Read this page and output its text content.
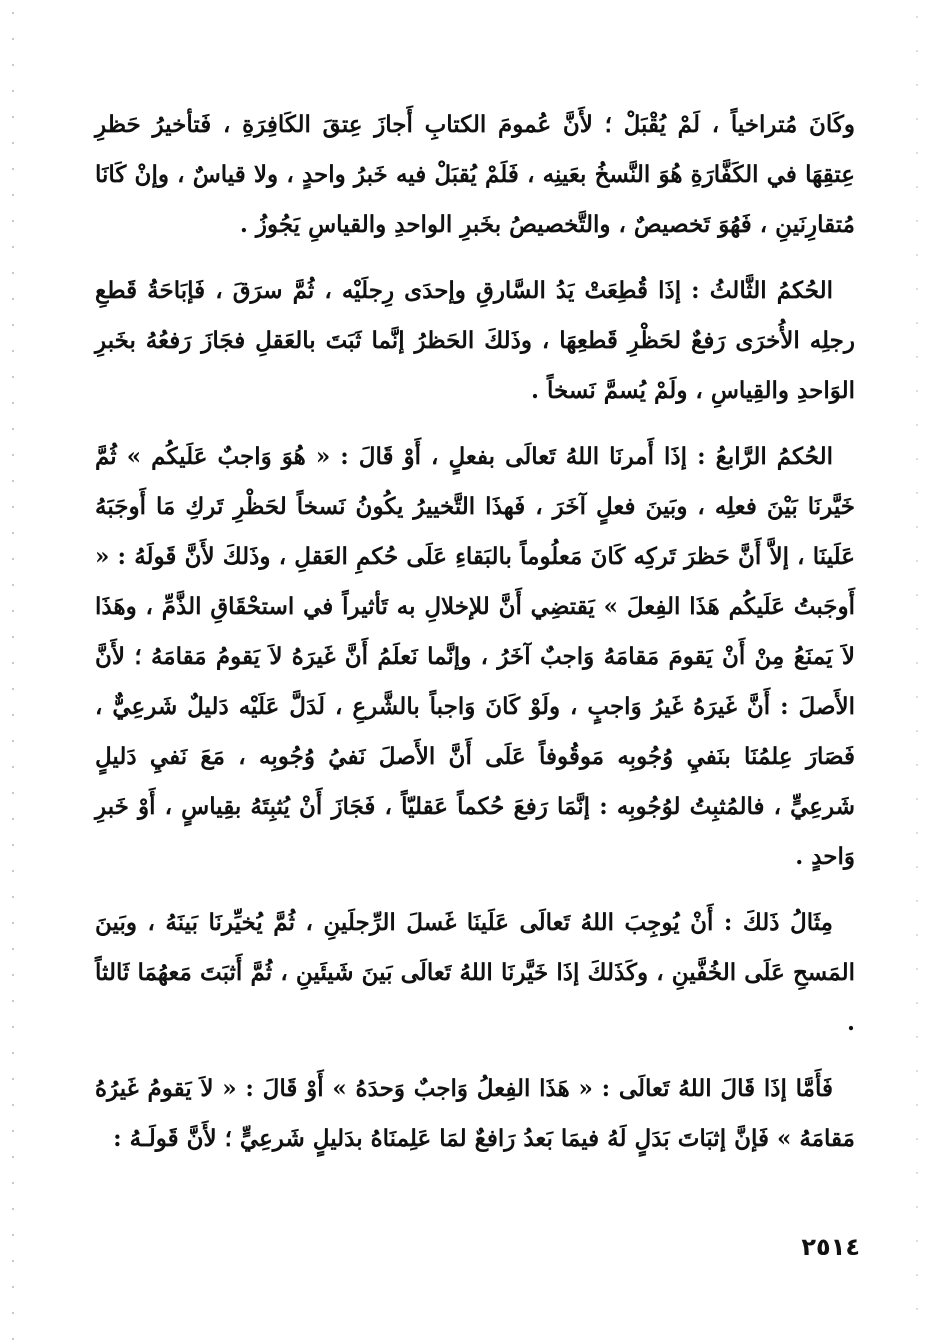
وكَانَ مُتراخياً ، لَمْ يُقْبَلْ ؛ لأَنَّ عُمومَ الكتابِ أَجازَ عِتقَ الكَافِرَةِ ، فَتأخيرُ حَظرِ عِتقِهَا في الكَفَّارَةِ هُوَ النَّسخُ بعَينِه ، فَلَمْ يُقبَلْ فيه خَبرُ واحدٍ ، ولا قياسٌ ، وإنْ كَانَا مُتقارِنَينِ ، فَهُوَ تَخصيصٌ ، والتَّخصيصُ بخَبرِ الواحدِ والقياسِ يَجُوزُ .

الحُكمُ الثَّالثُ : إذَا قُطِعَتْ يَدُ السَّارقِ وإحدَى رِجلَيْه ، ثُمَّ سرَقَ ، فَإبَاحَةُ قَطعِ رجلِه الأُخرَى رَفعٌ لحَظْرِ قَطعِهَا ، وذَلكَ الحَظرُ إنَّما ثَبَتَ بالعَقلِ فجَازَ رَفعُهُ بخَبرِ الوَاحدِ والقِياسِ ، ولَمْ يُسمَّ نَسخاً .

الحُكمُ الرَّابعُ : إذَا أَمرنَا اللهُ تَعالَى بفعلٍ ، أَوْ قَالَ : « هُوَ وَاجبٌ عَلَيكُم » ثُمَّ خَيَّرنَا بَيْنَ فعلِه ، وبَينَ فعلٍ آخَرَ ، فَهذَا التَّخييرُ يكُونُ نَسخاً لحَظْرِ تَركِ مَا أَوجَبَهُ عَلَينَا ، إلاَّ أَنَّ حَظرَ تَركِه كَانَ مَعلُوماً بالبَقاءِ عَلَى حُكمِ العَقلِ ، وذَلكَ لأَنَّ قَولَهُ : « أَوجَبتُ عَلَيكُم هَذَا الفِعلَ » يَقتضِي أَنَّ للإخلالِ به تَأثيراً في استحْقَاقِ الذَّمِّ ، وهَذَا لاَ يَمنَعُ مِنْ أَنْ يَقومَ مَقامَهُ وَاجبٌ آخَرُ ، وإنَّما نَعلَمُ أَنَّ غَيرَهُ لاَ يَقومُ مَقامَهُ ؛ لأَنَّ الأَصلَ : أَنَّ غَيرَهُ غَيرُ وَاجبٍ ، ولَوْ كَانَ وَاجباً بالشَّرعِ ، لَدَلَّ عَلَيْه دَليلٌ شَرعِيٌّ ، فَصَارَ عِلمُنَا بنَفيِ وُجُوبِه مَوقُوفاً عَلَى أَنَّ الأَصلَ نَفيُ وُجُوبِه ، مَعَ نَفيِ دَليلٍ شَرعِيٍّ ، فالمُثبِتُ لوُجُوبِه : إنَّمَا رَفعَ حُكماً عَقليّاً ، فَجَازَ أَنْ يُثبِتَهُ بقِياسٍ ، أَوْ خَبرِ وَاحدٍ .

مِثَالُ ذَلكَ : أَنْ يُوجِبَ اللهُ تَعالَى عَلَينَا غَسلَ الرِّجلَينِ ، ثُمَّ يُخيِّرنَا بَينَهُ ، وبَينَ المَسحِ عَلَى الخُفَّينِ ، وكَذَلكَ إذَا خَيَّرنَا اللهُ تَعالَى بَينَ شَيئَينِ ، ثُمَّ أَثبَتَ مَعهُمَا ثَالثاً .

فَأَمَّا إذَا قَالَ اللهُ تَعالَى : « هَذَا الفِعلُ وَاجبٌ وَحدَهُ » أَوْ قَالَ : « لاَ يَقومُ غَيرُهُ مَقامَهُ » فَإنَّ إثبَاتَ بَدَلٍ لَهُ فيمَا بَعدُ رَافعٌ لمَا عَلِمنَاهُ بدَليلٍ شَرعِيٍّ ؛ لأَنَّ قَولَـهُ :

٢٥١٤
